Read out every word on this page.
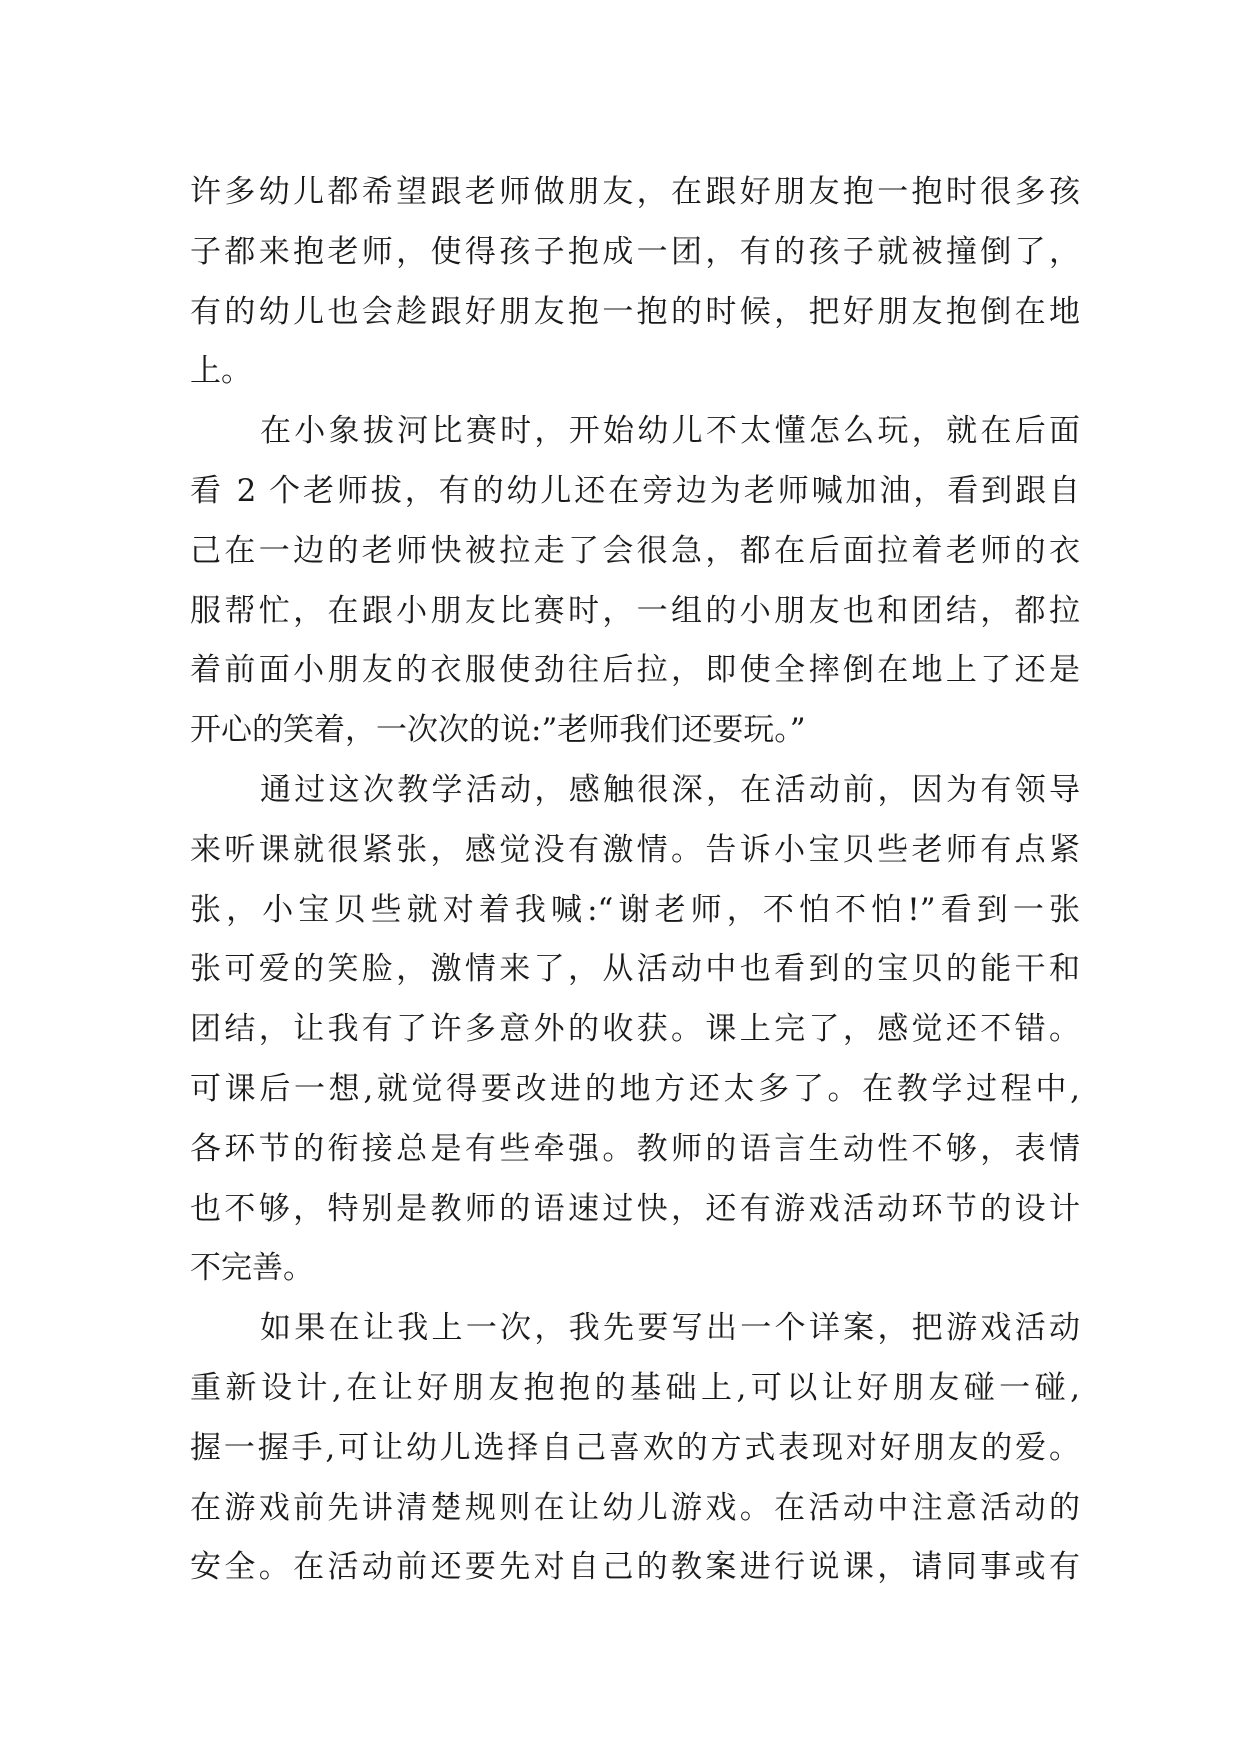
许多幼儿都希望跟老师做朋友，在跟好朋友抱一抱时很多孩
子都来抱老师，使得孩子抱成一团，有的孩子就被撞倒了，
有的幼儿也会趁跟好朋友抱一抱的时候，把好朋友抱倒在地
上。
在小象拔河比赛时，开始幼儿不太懂怎么玩，就在后面
看 2 个老师拔，有的幼儿还在旁边为老师喊加油，看到跟自
己在一边的老师快被拉走了会很急，都在后面拉着老师的衣
服帮忙，在跟小朋友比赛时，一组的小朋友也和团结，都拉
着前面小朋友的衣服使劲往后拉，即使全摔倒在地上了还是
开心的笑着，一次次的说:”老师我们还要玩。”
通过这次教学活动，感触很深，在活动前，因为有领导
来听课就很紧张，感觉没有激情。告诉小宝贝些老师有点紧
张，小宝贝些就对着我喊:“谢老师，不怕不怕!”看到一张
张可爱的笑脸，激情来了，从活动中也看到的宝贝的能干和
团结，让我有了许多意外的收获。课上完了，感觉还不错。
可课后一想,就觉得要改进的地方还太多了。在教学过程中,
各环节的衔接总是有些牵强。教师的语言生动性不够，表情
也不够，特别是教师的语速过快，还有游戏活动环节的设计
不完善。
如果在让我上一次，我先要写出一个详案，把游戏活动
重新设计,在让好朋友抱抱的基础上,可以让好朋友碰一碰,
握一握手,可让幼儿选择自己喜欢的方式表现对好朋友的爱。
在游戏前先讲清楚规则在让幼儿游戏。在活动中注意活动的
安全。在活动前还要先对自己的教案进行说课，请同事或有
